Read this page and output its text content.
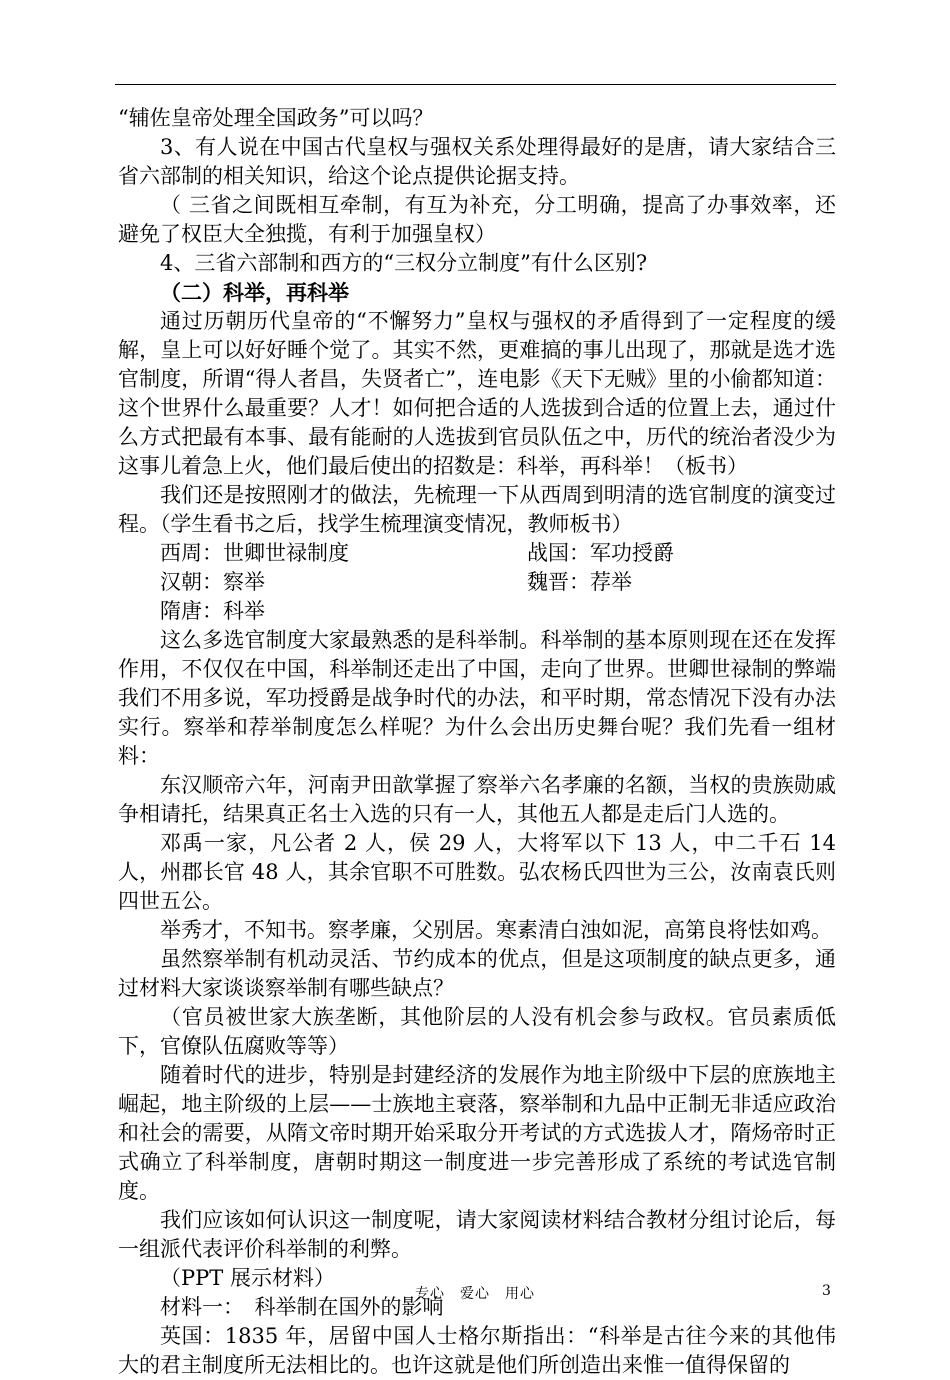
“辅佐皇帝处理全国政务”可以吗？

3、有人说在中国古代皇权与强权关系处理得最好的是唐，请大家结合三省六部制的相关知识，给这个论点提供论据支持。

（ 三省之间既相互牵制，有互为补充，分工明确，提高了办事效率，还避免了权臣大全独揽，有利于加强皇权）

4、三省六部制和西方的“三权分立制度”有什么区别?

（二）科举，再科举

通过历朝历代皇帝的“不懈努力”皇权与强权的矛盾得到了一定程度的缓解，皇上可以好好睡个觉了。其实不然，更难搞的事儿出现了，那就是选才选官制度，所谓“得人者昌，失贤者亡”，连电影《天下无贼》里的小偷都知道：这个世界什么最重要？人才！如何把合适的人选拔到合适的位置上去，通过什么方式把最有本事、最有能耐的人选拔到官员队伍之中，历代的统治者没少为这事儿着急上火，他们最后使出的招数是：科举，再科举！（板书）

我们还是按照刚才的做法，先梳理一下从西周到明清的选官制度的演变过程。（学生看书之后，找学生梳理演变情况，教师板书）

西周：世卿世禄制度	战国：军功授爵
汉朝：察举	魏晋：荐举
隋唐：科举

这么多选官制度大家最熟悉的是科举制。科举制的基本原则现在还在发挥作用，不仅仅在中国，科举制还走出了中国，走向了世界。世卿世禄制的弊端我们不用多说，军功授爵是战争时代的办法，和平时期，常态情况下没有办法实行。察举和荐举制度怎么样呢？为什么会出历史舞台呢？我们先看一组材料：

东汉顺帝六年，河南尹田歆掌握了察举六名孝廉的名额，当权的贵族勋戚争相请托，结果真正名士入选的只有一人，其他五人都是走后门人选的。

邓禹一家，凡公者 2 人，侯 29 人，大将军以下 13 人，中二千石 14 人，州郡长官 48 人，其余官职不可胜数。弘农杨氏四世为三公，汝南袁氏则四世五公。

举秀才，不知书。察孝廉，父别居。寒素清白浊如泥，高第良将怯如鸡。

虽然察举制有机动灵活、节约成本的优点，但是这项制度的缺点更多，通过材料大家谈谈察举制有哪些缺点？

（官员被世家大族垄断，其他阶层的人没有机会参与政权。官员素质低下，官僚队伍腐败等等）

随着时代的进步，特别是封建经济的发展作为地主阶级中下层的庶族地主崛起，地主阶级的上层——士族地主衰落，察举制和九品中正制无非适应政治和社会的需要，从隋文帝时期开始采取分开考试的方式选拔人才，隋炀帝时正式确立了科举制度，唐朝时期这一制度进一步完善形成了系统的考试选官制度。

我们应该如何认识这一制度呢，请大家阅读材料结合教材分组讨论后，每一组派代表评价科举制的利弊。

（PPT 展示材料）

材料一：　科举制在国外的影响

英国：1835 年，居留中国人士格尔斯指出：“科举是古往今来的其他伟大的君主制度所无法相比的。也许这就是他们所创造出来惟一值得保留的

专心　爱心　用心	3
